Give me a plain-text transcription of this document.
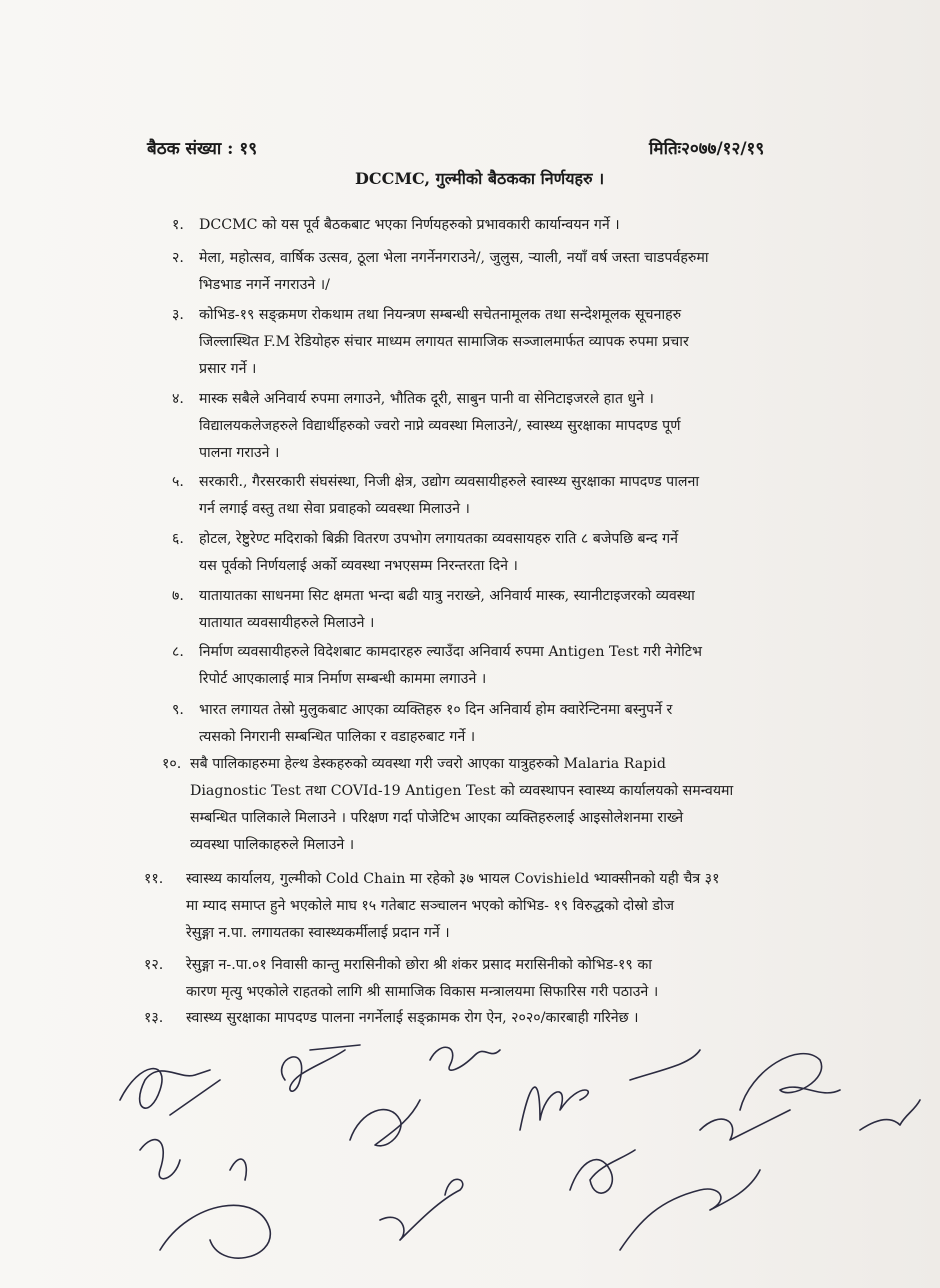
बैठक संख्या : १९	मितिः२०७७/१२/१९
DCCMC, गुल्मीको बैठकका निर्णयहरु ।
१. DCCMC को यस पूर्व बैठकबाट भएका निर्णयहरुको प्रभावकारी कार्यान्वयन गर्ने ।
२. मेला, महोत्सव, वार्षिक उत्सव, ठूला भेला नगर्नेनगराउने/, जुलुस, ऱ्याली, नयाँ वर्ष जस्ता चाडपर्वहरुमा
भिडभाड नगर्ने नगराउने ।/
३. कोभिड-१९ सङ्क्रमण रोकथाम तथा नियन्त्रण सम्बन्धी सचेतनामूलक तथा सन्देशमूलक सूचनाहरु
जिल्लास्थित F.M रेडियोहरु संचार माध्यम लगायत सामाजिक सञ्जालमार्फत व्यापक रुपमा प्रचार
प्रसार गर्ने ।
४. मास्क सबैले अनिवार्य रुपमा लगाउने, भौतिक दूरी, साबुन पानी वा सेनिटाइजरले हात धुने ।
विद्यालयकलेजहरुले विद्यार्थीहरुको ज्वरो नाप्ने व्यवस्था मिलाउने/, स्वास्थ्य सुरक्षाका मापदण्ड पूर्ण
पालना गराउने ।
५. सरकारी., गैरसरकारी संघसंस्था, निजी क्षेत्र, उद्योग व्यवसायीहरुले स्वास्थ्य सुरक्षाका मापदण्ड पालना
गर्न लगाई वस्तु तथा सेवा प्रवाहको व्यवस्था मिलाउने ।
६. होटल, रेष्टुरेण्ट मदिराको बिक्री वितरण उपभोग लगायतका व्यवसायहरु राति ८ बजेपछि बन्द गर्ने
यस पूर्वको निर्णयलाई अर्को व्यवस्था नभएसम्म निरन्तरता दिने ।
७. यातायातका साधनमा सिट क्षमता भन्दा बढी यात्रु नराख्ने, अनिवार्य मास्क, स्यानीटाइजरको व्यवस्था
यातायात व्यवसायीहरुले मिलाउने ।
८. निर्माण व्यवसायीहरुले विदेशबाट कामदारहरु ल्याउँदा अनिवार्य रुपमा Antigen Test गरी नेगेटिभ
रिपोर्ट आएकालाई मात्र निर्माण सम्बन्धी काममा लगाउने ।
९. भारत लगायत तेस्रो मुलुकबाट आएका व्यक्तिहरु १० दिन अनिवार्य होम क्वारेन्टिनमा बस्नुपर्ने र
त्यसको निगरानी सम्बन्धित पालिका र वडाहरुबाट गर्ने ।
१०. सबै पालिकाहरुमा हेल्थ डेस्कहरुको व्यवस्था गरी ज्वरो आएका यात्रुहरुको Malaria Rapid
Diagnostic Test तथा COVId-19 Antigen Test को व्यवस्थापन स्वास्थ्य कार्यालयको समन्वयमा
सम्बन्धित पालिकाले मिलाउने । परिक्षण गर्दा पोजेटिभ आएका व्यक्तिहरुलाई आइसोलेशनमा राख्ने
व्यवस्था पालिकाहरुले मिलाउने ।
११. स्वास्थ्य कार्यालय, गुल्मीको Cold Chain मा रहेको ३७ भायल Covishield भ्याक्सीनको यही चैत्र ३१
मा म्याद समाप्त हुने भएकोले माघ १५ गतेबाट सञ्चालन भएको कोभिड- १९ विरुद्धको दोस्रो डोज
रेसुङ्गा न.पा. लगायतका स्वास्थ्यकर्मीलाई प्रदान गर्ने ।
१२. रेसुङ्गा न-.पा.०१ निवासी कान्तु मरासिनीको छोरा श्री शंकर प्रसाद मरासिनीको कोभिड-१९ का
कारण मृत्यु भएकोले राहतको लागि श्री सामाजिक विकास मन्त्रालयमा सिफारिस गरी पठाउने ।
१३. स्वास्थ्य सुरक्षाका मापदण्ड पालना नगर्नेलाई सङ्क्रामक रोग ऐन, २०२०/कारबाही गरिनेछ ।
